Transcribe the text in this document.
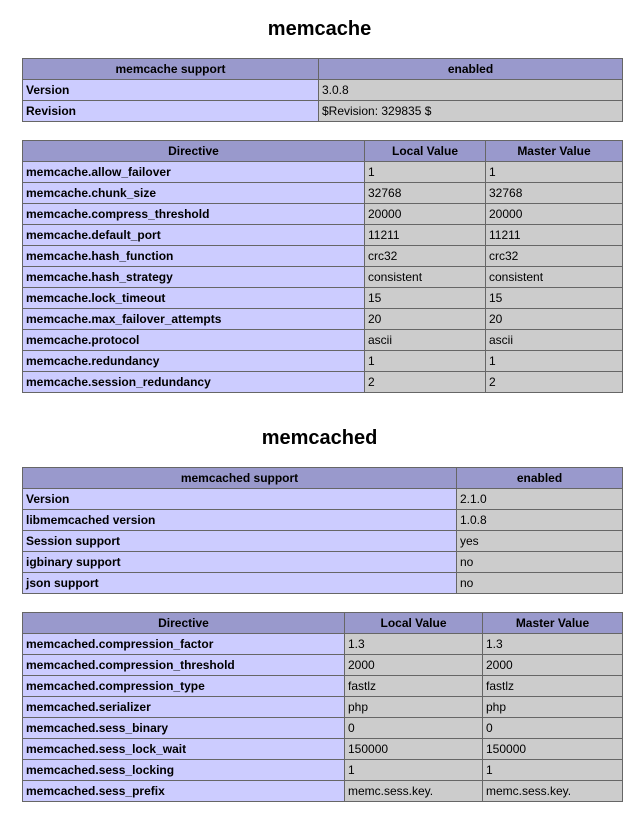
memcache
memcache support	enabled
Version	3.0.8
Revision	$Revision: 329835 $
Directive	Local Value	Master Value
memcache.allow_failover	1	1
memcache.chunk_size	32768	32768
memcache.compress_threshold	20000	20000
memcache.default_port	11211	11211
memcache.hash_function	crc32	crc32
memcache.hash_strategy	consistent	consistent
memcache.lock_timeout	15	15
memcache.max_failover_attempts	20	20
memcache.protocol	ascii	ascii
memcache.redundancy	1	1
memcache.session_redundancy	2	2
memcached
memcached support	enabled
Version	2.1.0
libmemcached version	1.0.8
Session support	yes
igbinary support	no
json support	no
Directive	Local Value	Master Value
memcached.compression_factor	1.3	1.3
memcached.compression_threshold	2000	2000
memcached.compression_type	fastlz	fastlz
memcached.serializer	php	php
memcached.sess_binary	0	0
memcached.sess_lock_wait	150000	150000
memcached.sess_locking	1	1
memcached.sess_prefix	memc.sess.key.	memc.sess.key.
